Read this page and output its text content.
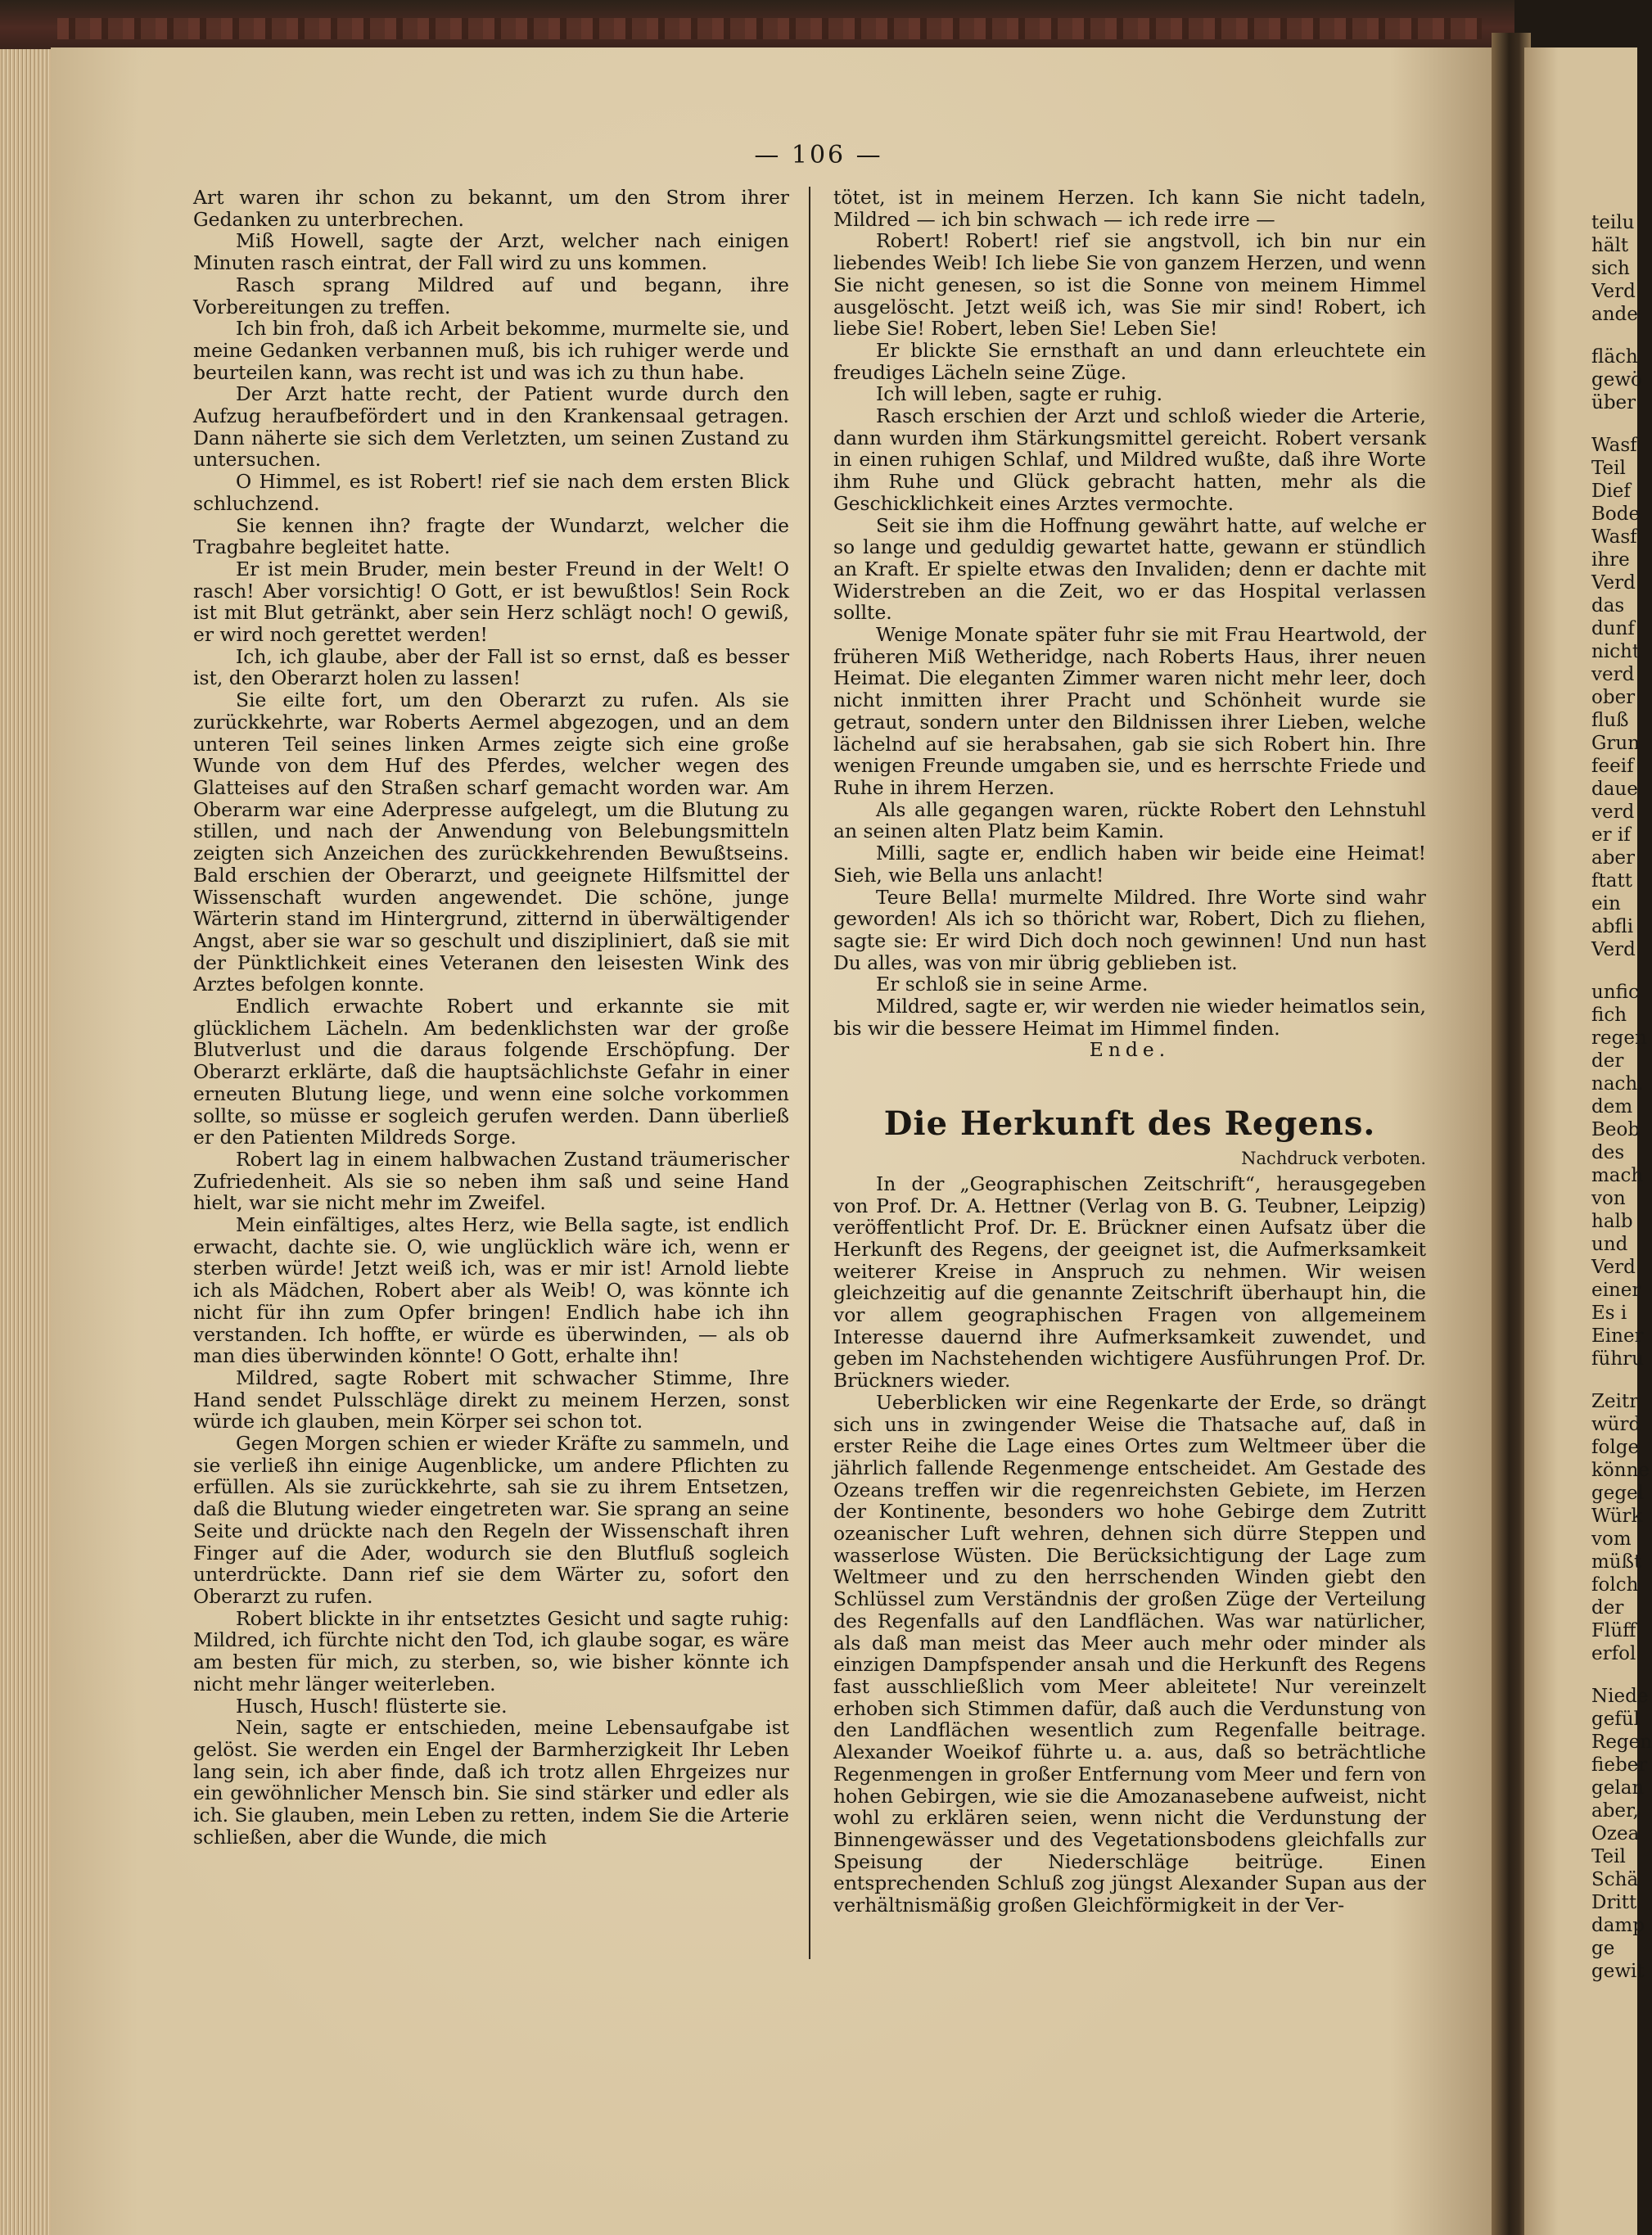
— 106 —

Art waren ihr schon zu bekannt, um den Strom ihrer Gedanken zu unterbrechen.

Miß Howell, sagte der Arzt, welcher nach einigen Minuten rasch eintrat, der Fall wird zu uns kommen.

Rasch sprang Mildred auf und begann, ihre Vorbereitungen zu treffen.

Ich bin froh, daß ich Arbeit bekomme, murmelte sie, und meine Gedanken verbannen muß, bis ich ruhiger werde und beurteilen kann, was recht ist und was ich zu thun habe.

Der Arzt hatte recht, der Patient wurde durch den Aufzug heraufbefördert und in den Krankensaal getragen. Dann näherte sie sich dem Verletzten, um seinen Zustand zu untersuchen.

O Himmel, es ist Robert! rief sie nach dem ersten Blick schluchzend.

Sie kennen ihn? fragte der Wundarzt, welcher die Tragbahre begleitet hatte.

Er ist mein Bruder, mein bester Freund in der Welt! O rasch! Aber vorsichtig! O Gott, er ist bewußtlos! Sein Rock ist mit Blut getränkt, aber sein Herz schlägt noch! O gewiß, er wird noch gerettet werden!

Ich, ich glaube, aber der Fall ist so ernst, daß es besser ist, den Oberarzt holen zu lassen!

Sie eilte fort, um den Oberarzt zu rufen. Als sie zurückkehrte, war Roberts Aermel abgezogen, und an dem unteren Teil seines linken Armes zeigte sich eine große Wunde von dem Huf des Pferdes, welcher wegen des Glatteises auf den Straßen scharf gemacht worden war. Am Oberarm war eine Aderpresse aufgelegt, um die Blutung zu stillen, und nach der Anwendung von Belebungsmitteln zeigten sich Anzeichen des zurückkehrenden Bewußtseins. Bald erschien der Oberarzt, und geeignete Hilfsmittel der Wissenschaft wurden angewendet. Die schöne, junge Wärterin stand im Hintergrund, zitternd in überwältigender Angst, aber sie war so geschult und diszipliniert, daß sie mit der Pünktlichkeit eines Veteranen den leisesten Wink des Arztes befolgen konnte.

Endlich erwachte Robert und erkannte sie mit glücklichem Lächeln. Am bedenklichsten war der große Blutverlust und die daraus folgende Erschöpfung. Der Oberarzt erklärte, daß die hauptsächlichste Gefahr in einer erneuten Blutung liege, und wenn eine solche vorkommen sollte, so müsse er sogleich gerufen werden. Dann überließ er den Patienten Mildreds Sorge.

Robert lag in einem halbwachen Zustand träumerischer Zufriedenheit. Als sie so neben ihm saß und seine Hand hielt, war sie nicht mehr im Zweifel.

Mein einfältiges, altes Herz, wie Bella sagte, ist endlich erwacht, dachte sie. O, wie unglücklich wäre ich, wenn er sterben würde! Jetzt weiß ich, was er mir ist! Arnold liebte ich als Mädchen, Robert aber als Weib! O, was könnte ich nicht für ihn zum Opfer bringen! Endlich habe ich ihn verstanden. Ich hoffte, er würde es überwinden, — als ob man dies überwinden könnte! O Gott, erhalte ihn!

Mildred, sagte Robert mit schwacher Stimme, Ihre Hand sendet Pulsschläge direkt zu meinem Herzen, sonst würde ich glauben, mein Körper sei schon tot.

Gegen Morgen schien er wieder Kräfte zu sammeln, und sie verließ ihn einige Augenblicke, um andere Pflichten zu erfüllen. Als sie zurückkehrte, sah sie zu ihrem Entsetzen, daß die Blutung wieder eingetreten war. Sie sprang an seine Seite und drückte nach den Regeln der Wissenschaft ihren Finger auf die Ader, wodurch sie den Blutfluß sogleich unterdrückte. Dann rief sie dem Wärter zu, sofort den Oberarzt zu rufen.

Robert blickte in ihr entsetztes Gesicht und sagte ruhig: Mildred, ich fürchte nicht den Tod, ich glaube sogar, es wäre am besten für mich, zu sterben, so, wie bisher könnte ich nicht mehr länger weiterleben.

Husch, Husch! flüsterte sie.

Nein, sagte er entschieden, meine Lebensaufgabe ist gelöst. Sie werden ein Engel der Barmherzigkeit Ihr Leben lang sein, ich aber finde, daß ich trotz allen Ehrgeizes nur ein gewöhnlicher Mensch bin. Sie sind stärker und edler als ich. Sie glauben, mein Leben zu retten, indem Sie die Arterie schließen, aber die Wunde, die mich

tötet, ist in meinem Herzen. Ich kann Sie nicht tadeln, Mildred — ich bin schwach — ich rede irre —

Robert! Robert! rief sie angstvoll, ich bin nur ein liebendes Weib! Ich liebe Sie von ganzem Herzen, und wenn Sie nicht genesen, so ist die Sonne von meinem Himmel ausgelöscht. Jetzt weiß ich, was Sie mir sind! Robert, ich liebe Sie! Robert, leben Sie! Leben Sie!

Er blickte Sie ernsthaft an und dann erleuchtete ein freudiges Lächeln seine Züge.

Ich will leben, sagte er ruhig.

Rasch erschien der Arzt und schloß wieder die Arterie, dann wurden ihm Stärkungsmittel gereicht. Robert versank in einen ruhigen Schlaf, und Mildred wußte, daß ihre Worte ihm Ruhe und Glück gebracht hatten, mehr als die Geschicklichkeit eines Arztes vermochte.

Seit sie ihm die Hoffnung gewährt hatte, auf welche er so lange und geduldig gewartet hatte, gewann er stündlich an Kraft. Er spielte etwas den Invaliden; denn er dachte mit Widerstreben an die Zeit, wo er das Hospital verlassen sollte.

Wenige Monate später fuhr sie mit Frau Heartwold, der früheren Miß Wetheridge, nach Roberts Haus, ihrer neuen Heimat. Die eleganten Zimmer waren nicht mehr leer, doch nicht inmitten ihrer Pracht und Schönheit wurde sie getraut, sondern unter den Bildnissen ihrer Lieben, welche lächelnd auf sie herabsahen, gab sie sich Robert hin. Ihre wenigen Freunde umgaben sie, und es herrschte Friede und Ruhe in ihrem Herzen.

Als alle gegangen waren, rückte Robert den Lehnstuhl an seinen alten Platz beim Kamin.

Milli, sagte er, endlich haben wir beide eine Heimat! Sieh, wie Bella uns anlacht!

Teure Bella! murmelte Mildred. Ihre Worte sind wahr geworden! Als ich so thöricht war, Robert, Dich zu fliehen, sagte sie: Er wird Dich doch noch gewinnen! Und nun hast Du alles, was von mir übrig geblieben ist.

Er schloß sie in seine Arme.

Mildred, sagte er, wir werden nie wieder heimatlos sein, bis wir die bessere Heimat im Himmel finden.

Ende.

Die Herkunft des Regens.
Nachdruck verboten.

In der „Geographischen Zeitschrift“, herausgegeben von Prof. Dr. A. Hettner (Verlag von B. G. Teubner, Leipzig) veröffentlicht Prof. Dr. E. Brückner einen Aufsatz über die Herkunft des Regens, der geeignet ist, die Aufmerksamkeit weiterer Kreise in Anspruch zu nehmen. Wir weisen gleichzeitig auf die genannte Zeitschrift überhaupt hin, die vor allem geographischen Fragen von allgemeinem Interesse dauernd ihre Aufmerksamkeit zuwendet, und geben im Nachstehenden wichtigere Ausführungen Prof. Dr. Brückners wieder.

Ueberblicken wir eine Regenkarte der Erde, so drängt sich uns in zwingender Weise die Thatsache auf, daß in erster Reihe die Lage eines Ortes zum Weltmeer über die jährlich fallende Regenmenge entscheidet. Am Gestade des Ozeans treffen wir die regenreichsten Gebiete, im Herzen der Kontinente, besonders wo hohe Gebirge dem Zutritt ozeanischer Luft wehren, dehnen sich dürre Steppen und wasserlose Wüsten. Die Berücksichtigung der Lage zum Weltmeer und zu den herrschenden Winden giebt den Schlüssel zum Verständnis der großen Züge der Verteilung des Regenfalls auf den Landflächen. Was war natürlicher, als daß man meist das Meer auch mehr oder minder als einzigen Dampfspender ansah und die Herkunft des Regens fast ausschließlich vom Meer ableitete! Nur vereinzelt erhoben sich Stimmen dafür, daß auch die Verdunstung von den Landflächen wesentlich zum Regenfalle beitrage. Alexander Woeikof führte u. a. aus, daß so beträchtliche Regenmengen in großer Entfernung vom Meer und fern von hohen Gebirgen, wie sie die Amozanasebene aufweist, nicht wohl zu erklären seien, wenn nicht die Verdunstung der Binnengewässer und des Vegetationsbodens gleichfalls zur Speisung der Niederschläge beitrüge. Einen entsprechenden Schluß zog jüngst Alexander Supan aus der verhältnismäßig großen Gleichförmigkeit in der Ver-

teilu
hält
sich
Verd
ande
fläch
gewö
über
Wasf
Teil
Dief
Bode
Wasf
ihre
Verd
das
dunf
nicht
verd
ober
fluß
Grun
feeif
daue
verd
er if
aber
ftatt
ein
abfli
Verd
unfic
fich
regen
der
nach.
dem
Beob
des
mach
von
halb
und
Verd
einer
Es i
Einer
führu
Zeitr
würd
folge
könne
gegel
Würk
vom
müßt
folch
der
Flüff
erfol
Niede
gefül
Regen
fieber
gelan
aber,
Ozea
Teil
Schä
Dritt
damp
ge
gewit
